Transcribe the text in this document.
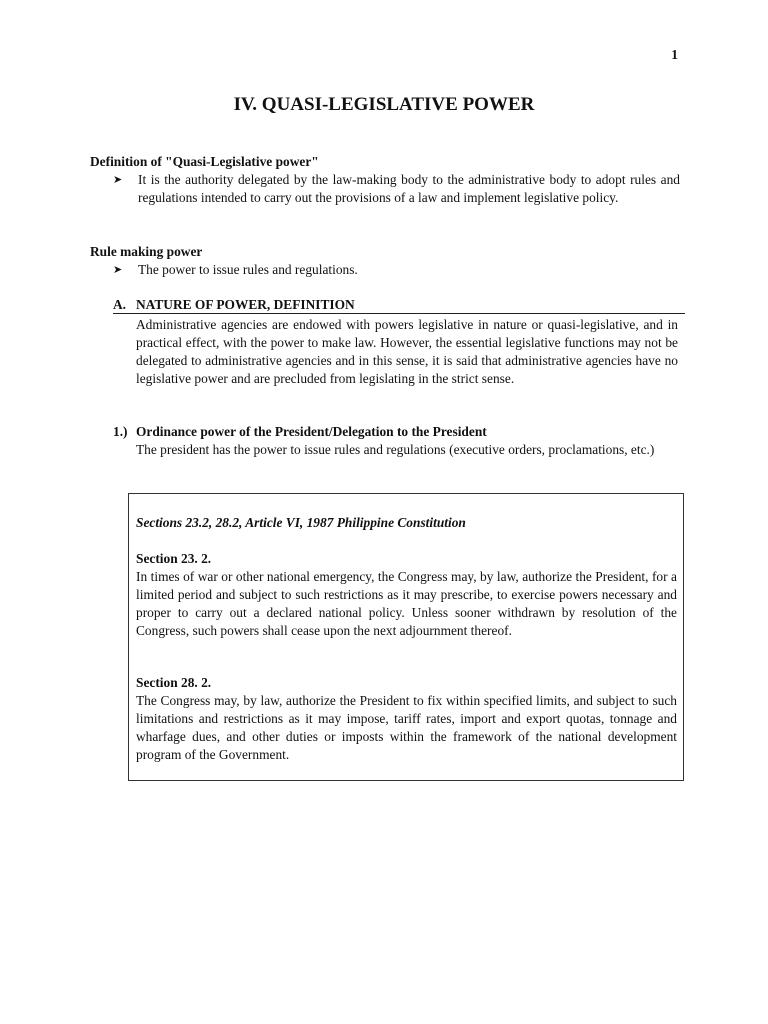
1
IV. QUASI-LEGISLATIVE POWER
Definition of "Quasi-Legislative power"
➤	It is the authority delegated by the law-making body to the administrative body to adopt rules and regulations intended to carry out the provisions of a law and implement legislative policy.
Rule making power
➤	The power to issue rules and regulations.
A. NATURE OF POWER, DEFINITION
Administrative agencies are endowed with powers legislative in nature or quasi-legislative, and in practical effect, with the power to make law. However, the essential legislative functions may not be delegated to administrative agencies and in this sense, it is said that administrative agencies have no legislative power and are precluded from legislating in the strict sense.
1.) Ordinance power of the President/Delegation to the President
The president has the power to issue rules and regulations (executive orders, proclamations, etc.)
Sections 23.2, 28.2, Article VI, 1987 Philippine Constitution
Section 23. 2.
In times of war or other national emergency, the Congress may, by law, authorize the President, for a limited period and subject to such restrictions as it may prescribe, to exercise powers necessary and proper to carry out a declared national policy. Unless sooner withdrawn by resolution of the Congress, such powers shall cease upon the next adjournment thereof.
Section 28. 2.
The Congress may, by law, authorize the President to fix within specified limits, and subject to such limitations and restrictions as it may impose, tariff rates, import and export quotas, tonnage and wharfage dues, and other duties or imposts within the framework of the national development program of the Government.
